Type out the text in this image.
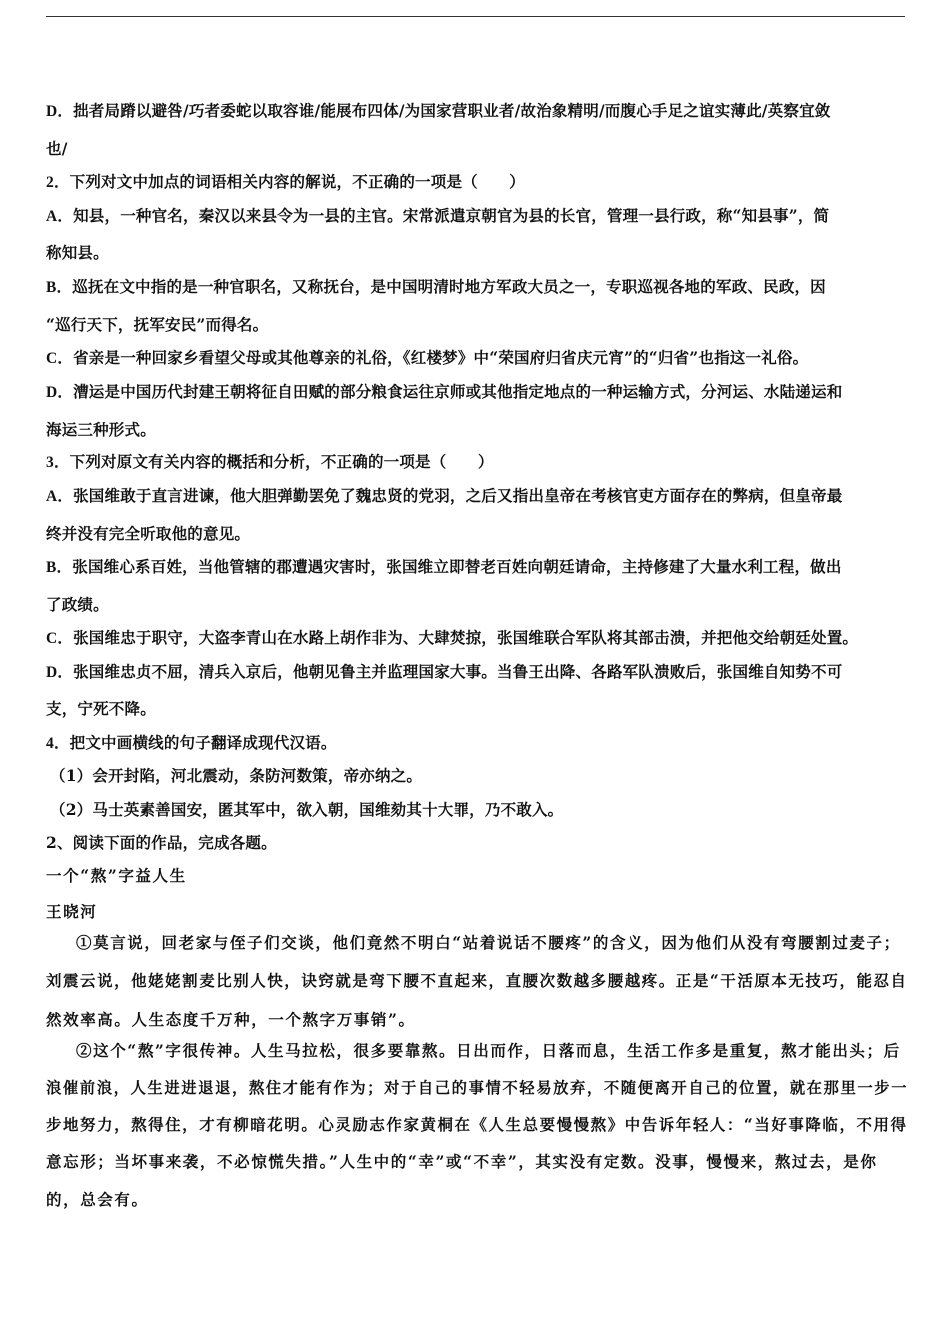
D．拙者局蹐以避咎/巧者委蛇以取容谁/能展布四体/为国家营职业者/故治象精明/而腹心手足之谊实薄此/英察宜敛
也/
2．下列对文中加点的词语相关内容的解说，不正确的一项是（　　）
A．知县，一种官名，秦汉以来县令为一县的主官。宋常派遣京朝官为县的长官，管理一县行政，称“知县事”，简
称知县。
B．巡抚在文中指的是一种官职名，又称抚台，是中国明清时地方军政大员之一，专职巡视各地的军政、民政，因
“巡行天下，抚军安民”而得名。
C．省亲是一种回家乡看望父母或其他尊亲的礼俗，《红楼梦》中“荣国府归省庆元宵”的“归省”也指这一礼俗。
D．漕运是中国历代封建王朝将征自田赋的部分粮食运往京师或其他指定地点的一种运输方式，分河运、水陆递运和
海运三种形式。
3．下列对原文有关内容的概括和分析，不正确的一项是（　　）
A．张国维敢于直言进谏，他大胆弹勤罢免了魏忠贤的党羽，之后又指出皇帝在考核官吏方面存在的弊病，但皇帝最
终并没有完全听取他的意见。
B．张国维心系百姓，当他管辖的郡遭遇灾害时，张国维立即替老百姓向朝廷请命，主持修建了大量水利工程，做出
了政绩。
C．张国维忠于职守，大盗李青山在水路上胡作非为、大肆焚掠，张国维联合军队将其部击溃，并把他交给朝廷处置。
D．张国维忠贞不屈，清兵入京后，他朝见鲁主并监理国家大事。当鲁王出降、各路军队溃败后，张国维自知势不可
支，宁死不降。
4．把文中画横线的句子翻译成现代汉语。
（1）会开封陷，河北震动，条防河数策，帝亦纳之。
（2）马士英素善国安，匿其军中，欲入朝，国维劾其十大罪，乃不敢入。
2、阅读下面的作品，完成各题。
一个“熬”字益人生
王晓河
①莫言说，回老家与侄子们交谈，他们竟然不明白“站着说话不腰疼”的含义，因为他们从没有弯腰割过麦子；
刘震云说，他姥姥割麦比别人快，诀窍就是弯下腰不直起来，直腰次数越多腰越疼。正是“干活原本无技巧，能忍自
然效率高。人生态度千万种，一个熬字万事销”。
②这个“熬”字很传神。人生马拉松，很多要靠熬。日出而作，日落而息，生活工作多是重复，熬才能出头；后
浪催前浪，人生进进退退，熬住才能有作为；对于自己的事情不轻易放弃，不随便离开自己的位置，就在那里一步一
步地努力，熬得住，才有柳暗花明。心灵励志作家黄桐在《人生总要慢慢熬》中告诉年轻人：“当好事降临，不用得
意忘形；当坏事来袭，不必惊慌失措。”人生中的“幸”或“不幸”，其实没有定数。没事，慢慢来，熬过去，是你
的，总会有。
